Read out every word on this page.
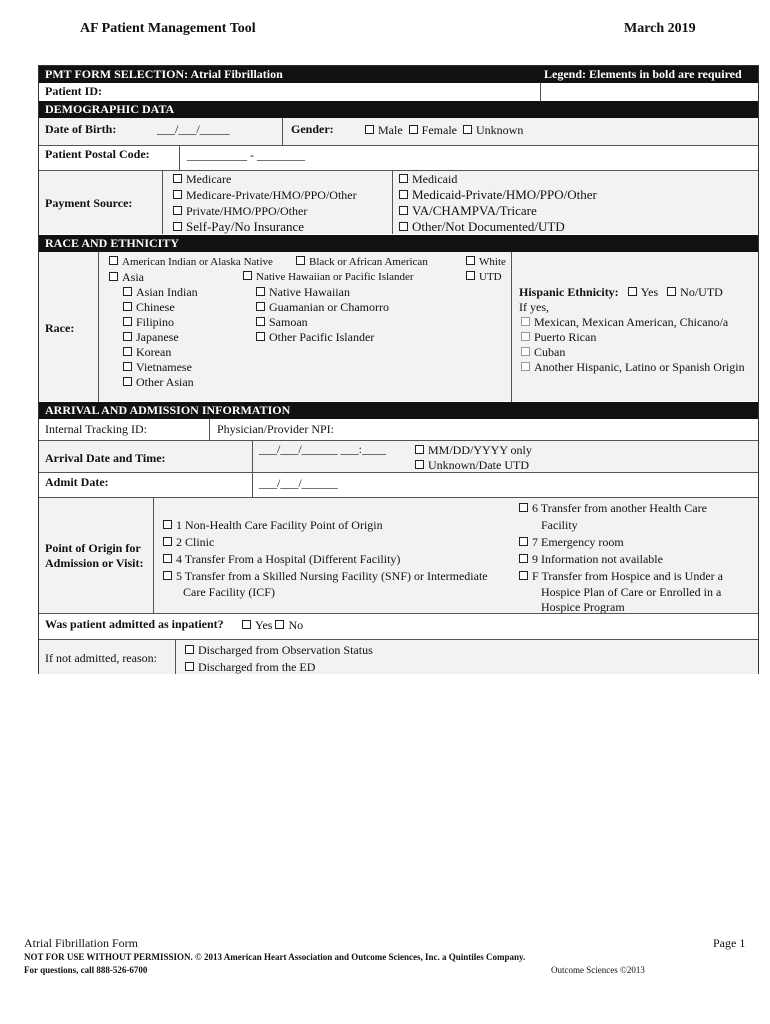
AF Patient Management Tool	March 2019
PMT FORM SELECTION: Atrial Fibrillation	Legend: Elements in bold are required
Patient ID:
DEMOGRAPHIC DATA
Date of Birth:	___/___/_____	Gender:	Male Female Unknown
Patient Postal Code:	__________ - ________
Payment Source:
Medicare
Medicare-Private/HMO/PPO/Other
Private/HMO/PPO/Other
Self-Pay/No Insurance
Medicaid
Medicaid-Private/HMO/PPO/Other
VA/CHAMPVA/Tricare
Other/Not Documented/UTD
RACE AND ETHNICITY
Race:
American Indian or Alaska Native	Black or African American	White
Asia	Native Hawaiian or Pacific Islander	UTD
Asian Indian
Chinese
Filipino
Japanese
Korean
Vietnamese
Other Asian
Native Hawaiian
Guamanian or Chamorro
Samoan
Other Pacific Islander
Hispanic Ethnicity: Yes No/UTD
If yes,
Mexican, Mexican American, Chicano/a
Puerto Rican
Cuban
Another Hispanic, Latino or Spanish Origin
ARRIVAL AND ADMISSION INFORMATION
Internal Tracking ID:	Physician/Provider NPI:
Arrival Date and Time:
___/___/______ ___:____	MM/DD/YYYY only
Unknown/Date UTD
Admit Date:	___/___/______
Point of Origin for
Admission or Visit:
1 Non-Health Care Facility Point of Origin
2 Clinic
4 Transfer From a Hospital (Different Facility)
5 Transfer from a Skilled Nursing Facility (SNF) or Intermediate
Care Facility (ICF)
6 Transfer from another Health Care
Facility
7 Emergency room
9 Information not available
F Transfer from Hospice and is Under a
Hospice Plan of Care or Enrolled in a
Hospice Program
Was patient admitted as inpatient?	Yes No
If not admitted, reason:
Discharged from Observation Status
Discharged from the ED
Atrial Fibrillation Form	Page 1
NOT FOR USE WITHOUT PERMISSION. © 2013 American Heart Association and Outcome Sciences, Inc. a Quintiles Company.
For questions, call 888-526-6700	Outcome Sciences ©2013
